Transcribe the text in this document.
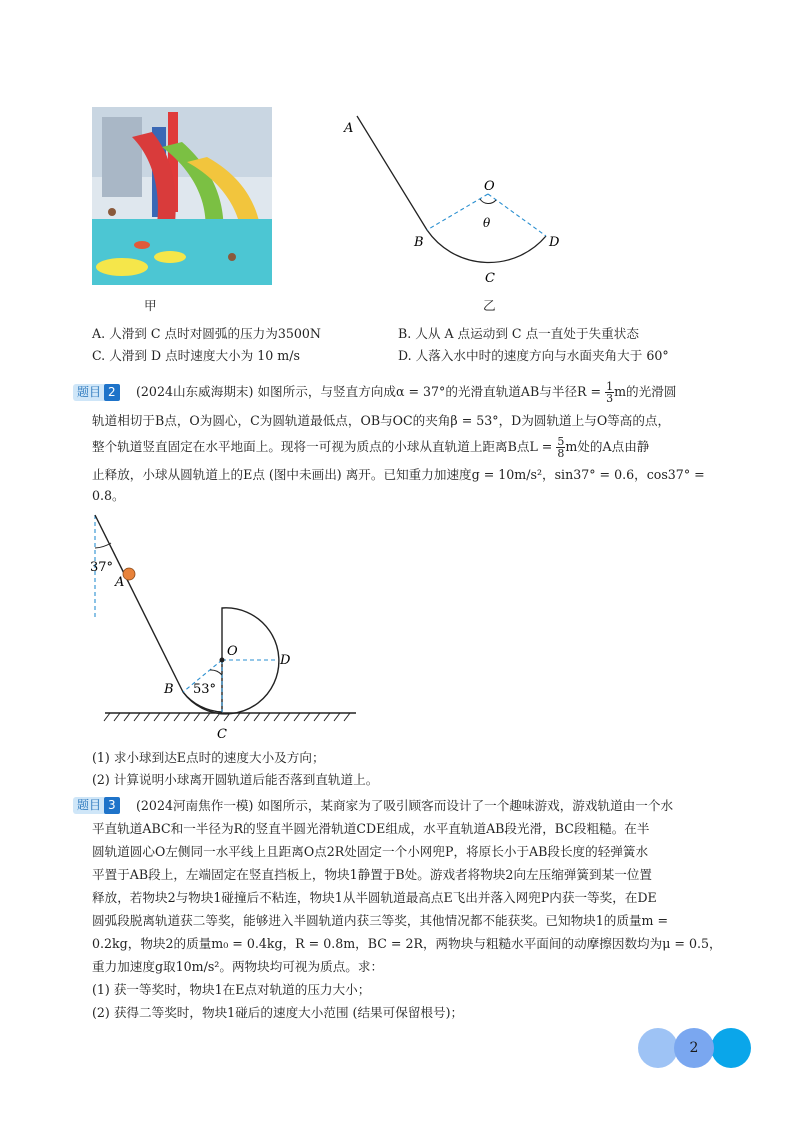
甲
A
O
θ
B	D
C
乙
A. 人滑到 C 点时对圆弧的压力为3500N	B. 人从 A 点运动到 C 点一直处于失重状态
C. 人滑到 D 点时速度大小为 10 m/s	D. 人落入水中时的速度方向与水面夹角大于 60°
题目 2	(2024山东威海期末) 如图所示，与竖直方向成α = 37°的光滑直轨道AB与半径$R = \frac{1}{3}$ m的光滑圆
轨道相切于B点，O为圆心，C为圆轨道最低点，OB与OC的夹角β = 53°，D为圆轨道上与O等高的点，
整个轨道竖直固定在水平地面上。现将一可视为质点的小球从直轨道上距离B点$L = \frac{5}{8}$ m处的A点由静
止释放，小球从圆轨道上的E点 (图中未画出) 离开。已知重力加速度g = 10m/s²，sin37° = 0.6，cos37° =
0.8。
37°
A
O
D
B 53°
C
(1) 求小球到达E点时的速度大小及方向；
(2) 计算说明小球离开圆轨道后能否落到直轨道上。
题目 3	(2024河南焦作一模) 如图所示，某商家为了吸引顾客而设计了一个趣味游戏，游戏轨道由一个水
平直轨道ABC和一半径为R的竖直半圆光滑轨道CDE组成，水平直轨道AB段光滑，BC段粗糙。在半
圆轨道圆心O左侧同一水平线上且距离O点2R处固定一个小网兜P，将原长小于AB段长度的轻弹簧水
平置于AB段上，左端固定在竖直挡板上，物块1静置于B处。游戏者将物块2向左压缩弹簧到某一位置
释放，若物块2与物块1碰撞后不粘连，物块1从半圆轨道最高点E飞出并落入网兜P内获一等奖，在DE
圆弧段脱离轨道获二等奖，能够进入半圆轨道内获三等奖，其他情况都不能获奖。已知物块1的质量m =
0.2kg，物块2的质量m₀ = 0.4kg，R = 0.8m，BC = 2R，两物块与粗糙水平面间的动摩擦因数均为μ = 0.5，
重力加速度g取10m/s²。两物块均可视为质点。求：
(1) 获一等奖时，物块1在E点对轨道的压力大小；
(2) 获得二等奖时，物块1碰后的速度大小范围 (结果可保留根号)；
2
